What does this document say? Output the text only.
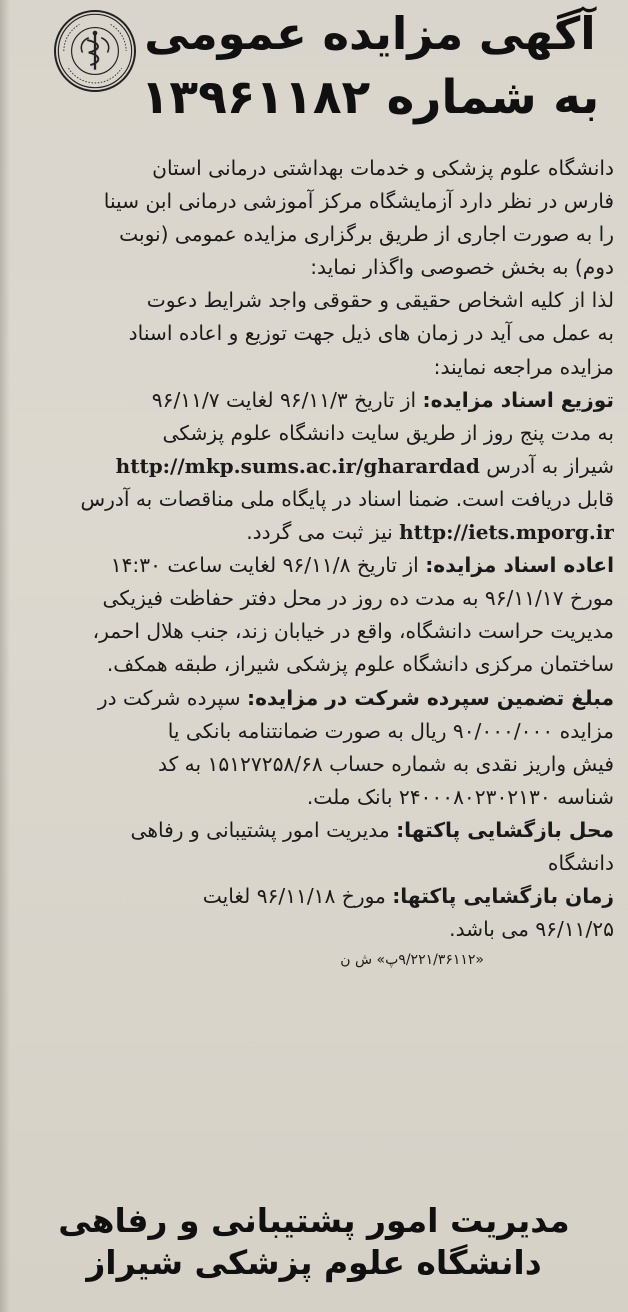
آگهی مزایده عمومی
به شماره ۱۳۹۶۱۱۸۲
دانشگاه علوم پزشکی و خدمات بهداشتی درمانی استان
فارس در نظر دارد آزمایشگاه مرکز آموزشی درمانی ابن سینا
را به صورت اجاری از طریق برگزاری مزایده عمومی (نوبت
دوم) به بخش خصوصی واگذار نماید:
لذا از کلیه اشخاص حقیقی و حقوقی واجد شرایط دعوت
به عمل می آید در زمان های ذیل جهت توزیع و اعاده اسناد
مزایده مراجعه نمایند:
توزیع اسناد مزایده: از تاریخ ۹۶/۱۱/۳ لغایت ۹۶/۱۱/۷
به مدت پنج روز از طریق سایت دانشگاه علوم پزشکی
شیراز به آدرس http://mkp.sums.ac.ir/gharardad
قابل دریافت است. ضمنا اسناد در پایگاه ملی مناقصات به آدرس
http://iets.mporg.ir نیز ثبت می گردد.
اعاده اسناد مزایده: از تاریخ ۹۶/۱۱/۸ لغایت ساعت ۱۴:۳۰
مورخ ۹۶/۱۱/۱۷ به مدت ده روز در محل دفتر حفاظت فیزیکی
مدیریت حراست دانشگاه، واقع در خیابان زند، جنب هلال احمر،
ساختمان مرکزی دانشگاه علوم پزشکی شیراز، طبقه همکف.
مبلغ تضمین سپرده شرکت در مزایده: سپرده شرکت در
مزایده ۹۰/۰۰۰/۰۰۰ ریال به صورت ضمانتنامه بانکی یا
فیش واریز نقدی به شماره حساب ۱۵۱۲۷۲۵۸/۶۸ به کد
شناسه ۲۴۰۰۰۸۰۲۳۰۲۱۳۰ بانک ملت.
محل بازگشایی پاکتها: مدیریت امور پشتیبانی و رفاهی
دانشگاه
زمان بازگشایی پاکتها: مورخ ۹۶/۱۱/۱۸ لغایت
۹۶/۱۱/۲۵ می باشد.
«۹/۲۲۱/۳۶۱۱۲پ» ش ن
مدیریت امور پشتیبانی و رفاهی
دانشگاه علوم پزشکی شیراز
